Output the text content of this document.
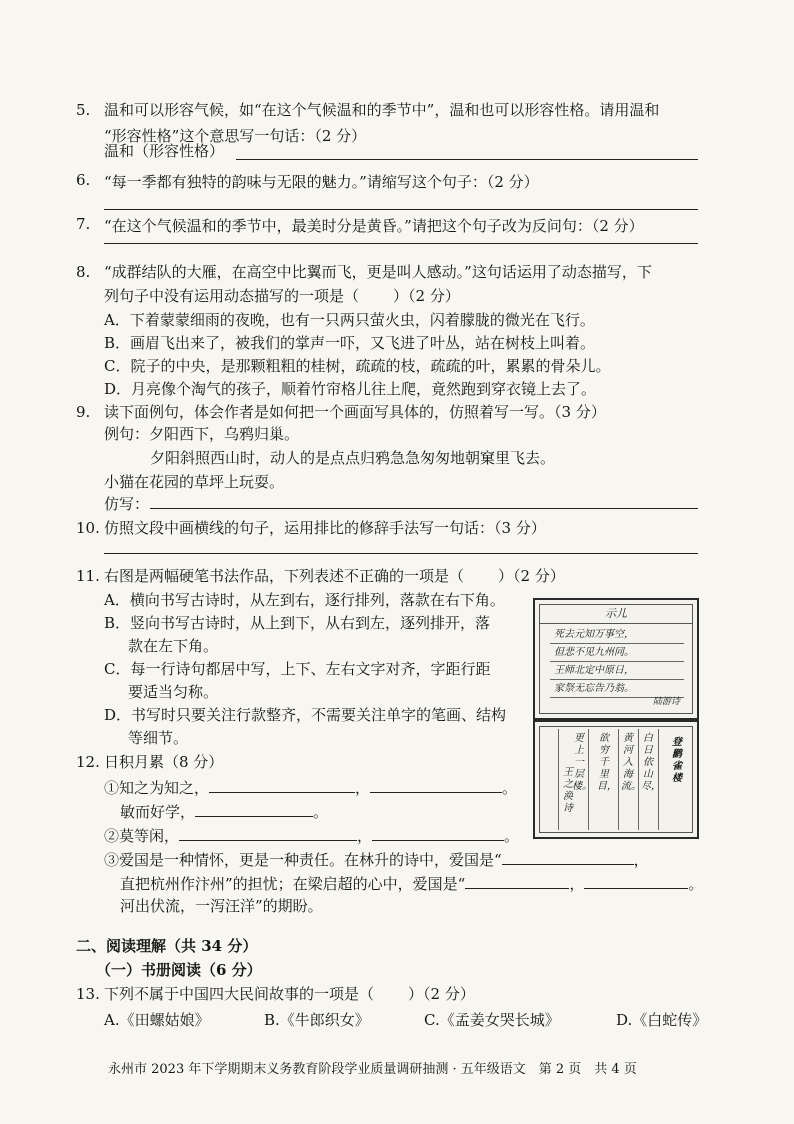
5. 温和可以形容气候，如“在这个气候温和的季节中”，温和也可以形容性格。请用温和
“形容性格”这个意思写一句话：（2 分）
温和（形容性格）
6. “每一季都有独特的韵味与无限的魅力。”请缩写这个句子：（2 分）
7. “在这个气候温和的季节中，最美时分是黄昏。”请把这个句子改为反问句：（2 分）
8. “成群结队的大雁，在高空中比翼而飞，更是叫人感动。”这句话运用了动态描写，下
列句子中没有运用动态描写的一项是（ ）（2 分）
A．下着蒙蒙细雨的夜晚，也有一只两只萤火虫，闪着朦胧的微光在飞行。
B．画眉飞出来了，被我们的掌声一吓，又飞进了叶丛，站在树枝上叫着。
C．院子的中央，是那颗粗粗的桂树，疏疏的枝，疏疏的叶，累累的骨朵儿。
D．月亮像个淘气的孩子，顺着竹帘格儿往上爬，竟然跑到穿衣镜上去了。
9. 读下面例句，体会作者是如何把一个画面写具体的，仿照着写一写。（3 分）
例句：夕阳西下，乌鸦归巢。
夕阳斜照西山时，动人的是点点归鸦急急匆匆地朝窠里飞去。
小猫在花园的草坪上玩耍。
仿写：
10. 仿照文段中画横线的句子，运用排比的修辞手法写一句话：（3 分）
11. 右图是两幅硬笔书法作品，下列表述不正确的一项是（ ）（2 分）
A．横向书写古诗时，从左到右，逐行排列，落款在右下角。
B．竖向书写古诗时，从上到下，从右到左，逐列排开，落
款在左下角。
C．每一行诗句都居中写，上下、左右文字对齐，字距行距
要适当匀称。
D．书写时只要关注行款整齐，不需要关注单字的笔画、结构
等细节。
示儿
死去元知万事空，
但悲不见九州同。
王师北定中原日，
家祭无忘告乃翁。
陆游诗
登鹳雀楼
白日依山尽，
黄河入海流。
欲穷千里目，
更上一层楼。
王之涣诗
12. 日积月累（8 分）
①知之为知之，	，	。
敏而好学，	。
②莫等闲，	，	。
③爱国是一种情怀，更是一种责任。在林升的诗中，爱国是“	，
直把杭州作汴州”的担忧；在梁启超的心中，爱国是“	，	。
河出伏流，一泻汪洋”的期盼。
二、阅读理解（共 34 分）
（一）书册阅读（6 分）
13. 下列不属于中国四大民间故事的一项是（ ）（2 分）
A.《田螺姑娘》	B.《牛郎织女》	C.《孟姜女哭长城》	D.《白蛇传》
永州市 2023 年下学期期末义务教育阶段学业质量调研抽测 · 五年级语文　第 2 页　共 4 页
